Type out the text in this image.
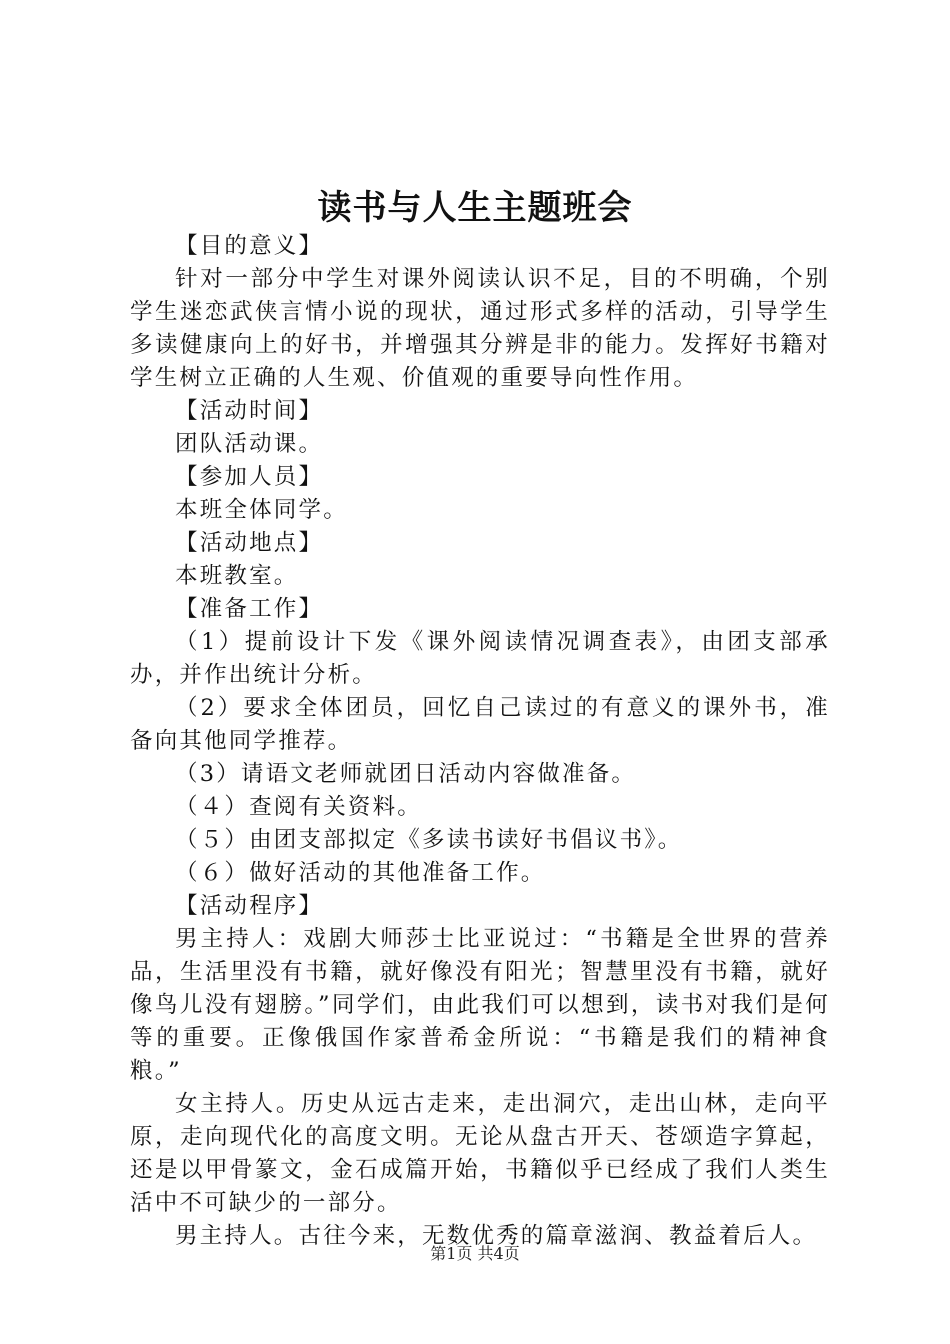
读书与人生主题班会

【目的意义】

针对一部分中学生对课外阅读认识不足，目的不明确，个别学生迷恋武侠言情小说的现状，通过形式多样的活动，引导学生多读健康向上的好书，并增强其分辨是非的能力。发挥好书籍对学生树立正确的人生观、价值观的重要导向性作用。

【活动时间】

团队活动课。

【参加人员】

本班全体同学。

【活动地点】

本班教室。

【准备工作】

（1）提前设计下发《课外阅读情况调查表》，由团支部承办，并作出统计分析。

（2）要求全体团员，回忆自己读过的有意义的课外书，准备向其他同学推荐。

（3）请语文老师就团日活动内容做准备。

（４）查阅有关资料。

（５）由团支部拟定《多读书读好书倡议书》。

（６）做好活动的其他准备工作。

【活动程序】

男主持人：戏剧大师莎士比亚说过：“书籍是全世界的营养品，生活里没有书籍，就好像没有阳光；智慧里没有书籍，就好像鸟儿没有翅膀。”同学们，由此我们可以想到，读书对我们是何等的重要。正像俄国作家普希金所说：“书籍是我们的精神食粮。”

女主持人。历史从远古走来，走出洞穴，走出山林，走向平原，走向现代化的高度文明。无论从盘古开天、苍颂造字算起，还是以甲骨篆文，金石成篇开始，书籍似乎已经成了我们人类生活中不可缺少的一部分。

男主持人。古往今来，无数优秀的篇章滋润、教益着后人。

第1页 共4页
